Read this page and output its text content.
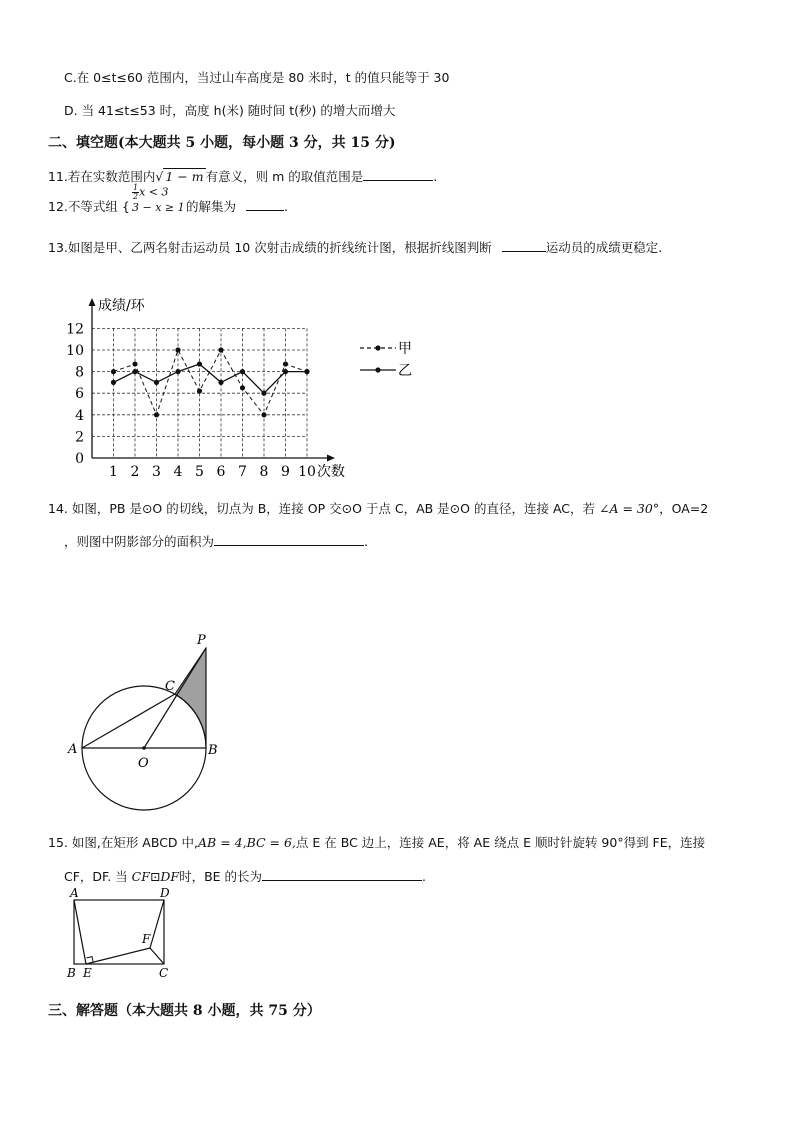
C.在 0≤t≤60 范围内，当过山车高度是 80 米时，t 的值只能等于 30
D. 当 41≤t≤53 时，高度 h(米) 随时间 t(秒) 的增大而增大
二、填空题(本大题共 5 小题，每小题 3 分，共 15 分)
11.若在实数范围内√ 1 − m 有意义，则 m 的取值范围是	.
12.不等式组 {
$\frac{1}{2}x < 3$
3 − x ≥ 1 的解集为	.
13.如图是甲、乙两名射击运动员 10 次射击成绩的折线统计图，根据折线图判断	运动员的成绩更稳定.
0
2
4
6
8
10
12
1 2 3 4 5 6 7 8 9 10
成绩/环
次数
甲
乙
14. 如图，PB 是⊙O 的切线，切点为 B，连接 OP 交⊙O 于点 C，AB 是⊙O 的直径，连接 AC，若 ∠A = 30°，OA=2
，则图中阴影部分的面积为	.
P
C
A
O
B
15. 如图,在矩形 ABCD 中,AB = 4,BC = 6,点 E 在 BC 边上，连接 AE，将 AE 绕点 E 顺时针旋转 90°得到 FE，连接
CF，DF. 当 CF⊡DF时，BE 的长为	.
A	D
F
B E	C
三、解答题（本大题共 8 小题，共 75 分）
